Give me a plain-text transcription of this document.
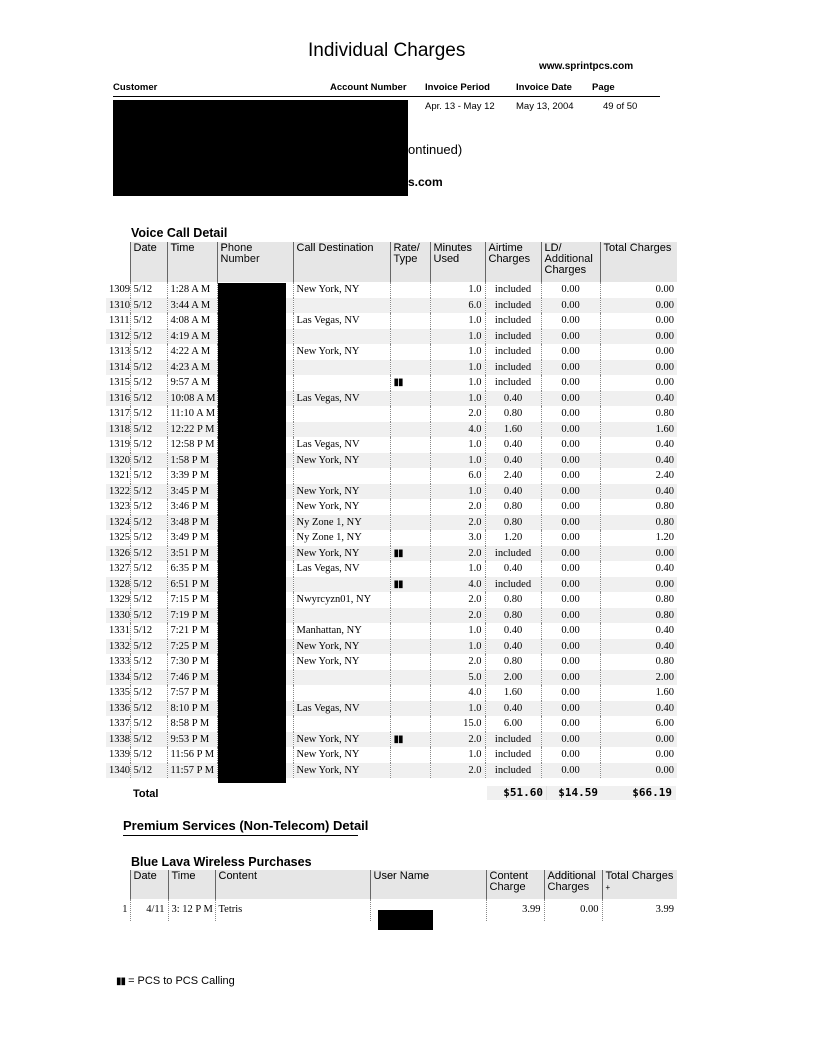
Individual Charges
www.sprintpcs.com
Customer	Account Number Invoice Period	Invoice Date Page
Apr. 13 - May 12 May 13, 2004	49 of 50
ontinued)
s.com
Voice Call Detail
	Date	Time	Phone Number	Call Destination	Rate/ Type	Minutes Used	Airtime Charges	LD/ Additional Charges	Total Charges
1309	5/12	1:28 A M		New York, NY		1.0	included	0.00	0.00
1310	5/12	3:44 A M				6.0	included	0.00	0.00
1311	5/12	4:08 A M		Las Vegas, NV		1.0	included	0.00	0.00
1312	5/12	4:19 A M				1.0	included	0.00	0.00
1313	5/12	4:22 A M		New York, NY		1.0	included	0.00	0.00
1314	5/12	4:23 A M				1.0	included	0.00	0.00
1315	5/12	9:57 A M			▮▮	1.0	included	0.00	0.00
1316	5/12	10:08 A M		Las Vegas, NV		1.0	0.40	0.00	0.40
1317	5/12	11:10 A M				2.0	0.80	0.00	0.80
1318	5/12	12:22 P M				4.0	1.60	0.00	1.60
1319	5/12	12:58 P M		Las Vegas, NV		1.0	0.40	0.00	0.40
1320	5/12	1:58 P M		New York, NY		1.0	0.40	0.00	0.40
1321	5/12	3:39 P M				6.0	2.40	0.00	2.40
1322	5/12	3:45 P M		New York, NY		1.0	0.40	0.00	0.40
1323	5/12	3:46 P M		New York, NY		2.0	0.80	0.00	0.80
1324	5/12	3:48 P M		Ny Zone 1, NY		2.0	0.80	0.00	0.80
1325	5/12	3:49 P M		Ny Zone 1, NY		3.0	1.20	0.00	1.20
1326	5/12	3:51 P M		New York, NY	▮▮	2.0	included	0.00	0.00
1327	5/12	6:35 P M		Las Vegas, NV		1.0	0.40	0.00	0.40
1328	5/12	6:51 P M			▮▮	4.0	included	0.00	0.00
1329	5/12	7:15 P M		Nwyrcyzn01, NY		2.0	0.80	0.00	0.80
1330	5/12	7:19 P M				2.0	0.80	0.00	0.80
1331	5/12	7:21 P M		Manhattan, NY		1.0	0.40	0.00	0.40
1332	5/12	7:25 P M		New York, NY		1.0	0.40	0.00	0.40
1333	5/12	7:30 P M		New York, NY		2.0	0.80	0.00	0.80
1334	5/12	7:46 P M				5.0	2.00	0.00	2.00
1335	5/12	7:57 P M				4.0	1.60	0.00	1.60
1336	5/12	8:10 P M		Las Vegas, NV		1.0	0.40	0.00	0.40
1337	5/12	8:58 P M				15.0	6.00	0.00	6.00
1338	5/12	9:53 P M		New York, NY	▮▮	2.0	included	0.00	0.00
1339	5/12	11:56 P M		New York, NY		1.0	included	0.00	0.00
1340	5/12	11:57 P M		New York, NY		2.0	included	0.00	0.00
Total	$51.60	$14.59	$66.19
Premium Services (Non-Telecom) Detail
Blue Lava Wireless Purchases
	Date	Time	Content	User Name	Content Charge	Additional Charges	Total Charges +
1	4/11	3: 12 P M	Tetris		3.99	0.00	3.99
▮▮ = PCS to PCS Calling
